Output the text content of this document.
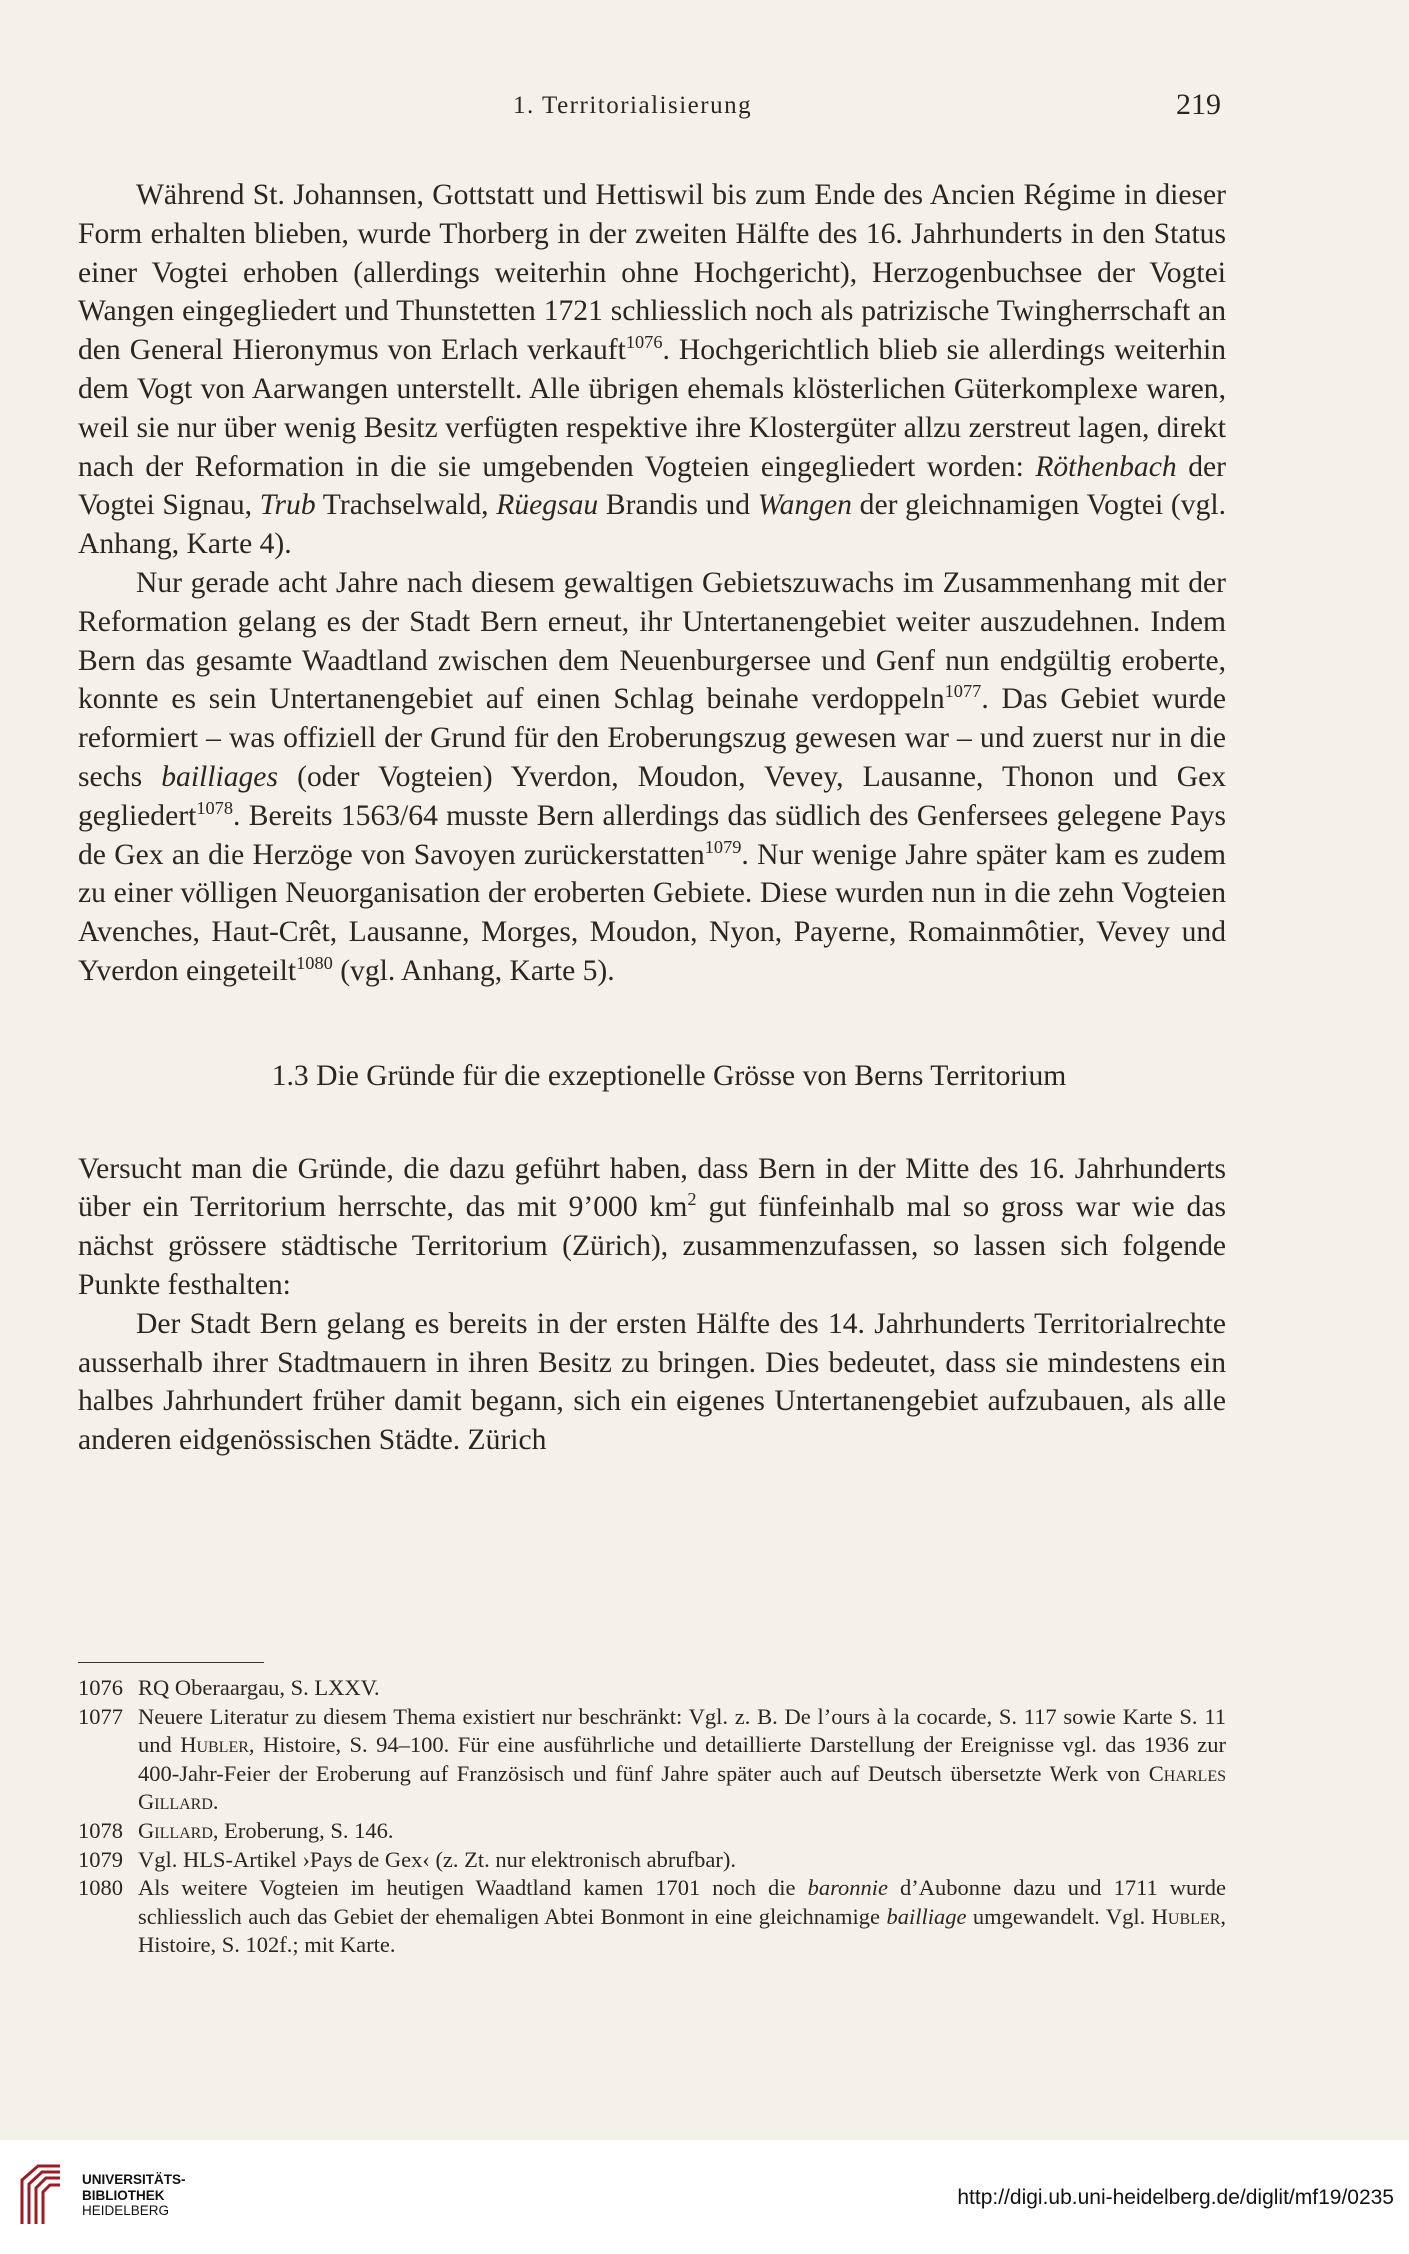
1. Territorialisierung	219

Während St. Johannsen, Gottstatt und Hettiswil bis zum Ende des Ancien Régime in dieser Form erhalten blieben, wurde Thorberg in der zweiten Hälfte des 16. Jahrhunderts in den Status einer Vogtei erhoben (allerdings weiterhin ohne Hochgericht), Herzogenbuchsee der Vogtei Wangen eingegliedert und Thunstetten 1721 schliesslich noch als patrizische Twingherrschaft an den General Hieronymus von Erlach verkauft$^{1076}$. Hochgerichtlich blieb sie allerdings weiterhin dem Vogt von Aarwangen unterstellt. Alle übrigen ehemals klösterlichen Güterkomplexe waren, weil sie nur über wenig Besitz verfügten respektive ihre Klostergüter allzu zerstreut lagen, direkt nach der Reformation in die sie umgebenden Vogteien eingegliedert worden: Röthenbach der Vogtei Signau, Trub Trachselwald, Rüegsau Brandis und Wangen der gleichnamigen Vogtei (vgl. Anhang, Karte 4).

Nur gerade acht Jahre nach diesem gewaltigen Gebietszuwachs im Zusammenhang mit der Reformation gelang es der Stadt Bern erneut, ihr Untertanengebiet weiter auszudehnen. Indem Bern das gesamte Waadtland zwischen dem Neuenburgersee und Genf nun endgültig eroberte, konnte es sein Untertanengebiet auf einen Schlag beinahe verdoppeln$^{1077}$. Das Gebiet wurde reformiert – was offiziell der Grund für den Eroberungszug gewesen war – und zuerst nur in die sechs bailliages (oder Vogteien) Yverdon, Moudon, Vevey, Lausanne, Thonon und Gex gegliedert$^{1078}$. Bereits 1563/64 musste Bern allerdings das südlich des Genfersees gelegene Pays de Gex an die Herzöge von Savoyen zurückerstatten$^{1079}$. Nur wenige Jahre später kam es zudem zu einer völligen Neuorganisation der eroberten Gebiete. Diese wurden nun in die zehn Vogteien Avenches, Haut-Crêt, Lausanne, Morges, Moudon, Nyon, Payerne, Romainmôtier, Vevey und Yverdon eingeteilt$^{1080}$ (vgl. Anhang, Karte 5).

1.3 Die Gründe für die exzeptionelle Grösse von Berns Territorium

Versucht man die Gründe, die dazu geführt haben, dass Bern in der Mitte des 16. Jahrhunderts über ein Territorium herrschte, das mit 9’000 $km^2$ gut fünfeinhalb mal so gross war wie das nächst grössere städtische Territorium (Zürich), zusammenzufassen, so lassen sich folgende Punkte festhalten:

Der Stadt Bern gelang es bereits in der ersten Hälfte des 14. Jahrhunderts Territorialrechte ausserhalb ihrer Stadtmauern in ihren Besitz zu bringen. Dies bedeutet, dass sie mindestens ein halbes Jahrhundert früher damit begann, sich ein eigenes Untertanengebiet aufzubauen, als alle anderen eidgenössischen Städte. Zürich

1076 RQ Oberaargau, S. LXXV.
1077 Neuere Literatur zu diesem Thema existiert nur beschränkt: Vgl. z. B. De l’ours à la cocarde, S. 117 sowie Karte S. 11 und Hubler, Histoire, S. 94–100. Für eine ausführliche und detaillierte Darstellung der Ereignisse vgl. das 1936 zur 400-Jahr-Feier der Eroberung auf Französisch und fünf Jahre später auch auf Deutsch übersetzte Werk von Charles Gillard.
1078 Gillard, Eroberung, S. 146.
1079 Vgl. HLS-Artikel ›Pays de Gex‹ (z. Zt. nur elektronisch abrufbar).
1080 Als weitere Vogteien im heutigen Waadtland kamen 1701 noch die baronnie d’Aubonne dazu und 1711 wurde schliesslich auch das Gebiet der ehemaligen Abtei Bonmont in eine gleichnamige bailliage umgewandelt. Vgl. Hubler, Histoire, S. 102f.; mit Karte.
UNIVERSITÄTS-
BIBLIOTHEK
HEIDELBERG
http://digi.ub.uni-heidelberg.de/diglit/mf19/0235
